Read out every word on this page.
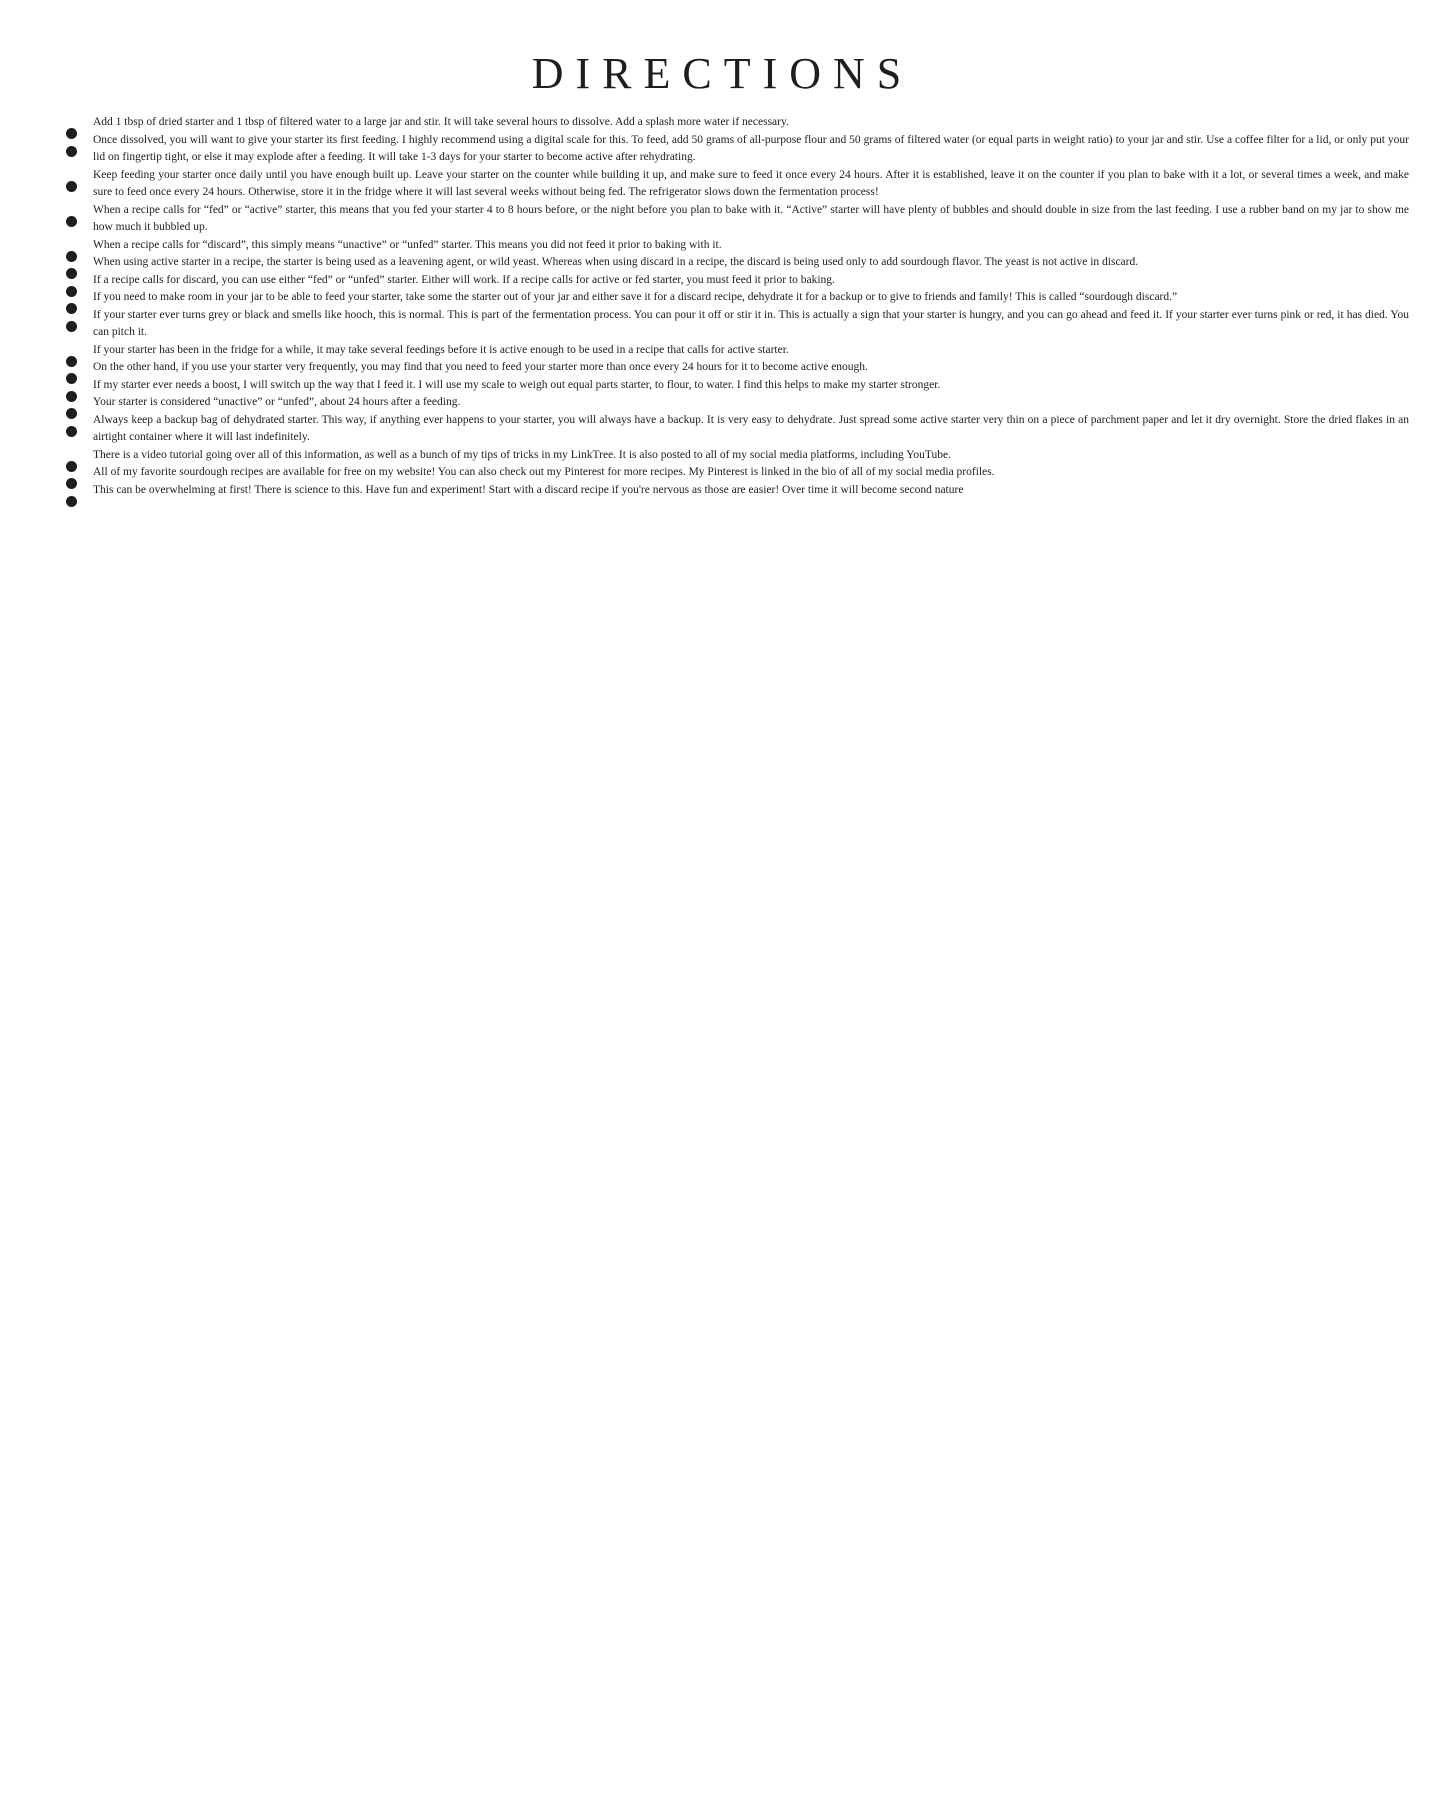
DIRECTIONS
Add 1 tbsp of dried starter and 1 tbsp of filtered water to a large jar and stir. It will take several hours to dissolve. Add a splash more water if necessary.
Once dissolved, you will want to give your starter its first feeding. I highly recommend using a digital scale for this. To feed, add 50 grams of all-purpose flour and 50 grams of filtered water (or equal parts in weight ratio) to your jar and stir. Use a coffee filter for a lid, or only put your lid on fingertip tight, or else it may explode after a feeding. It will take 1-3 days for your starter to become active after rehydrating.
Keep feeding your starter once daily until you have enough built up. Leave your starter on the counter while building it up, and make sure to feed it once every 24 hours. After it is established, leave it on the counter if you plan to bake with it a lot, or several times a week, and make sure to feed once every 24 hours. Otherwise, store it in the fridge where it will last several weeks without being fed. The refrigerator slows down the fermentation process!
When a recipe calls for “fed” or “active” starter, this means that you fed your starter 4 to 8 hours before, or the night before you plan to bake with it. “Active” starter will have plenty of bubbles and should double in size from the last feeding. I use a rubber band on my jar to show me how much it bubbled up.
When a recipe calls for “discard”, this simply means “unactive” or “unfed” starter. This means you did not feed it prior to baking with it.
When using active starter in a recipe, the starter is being used as a leavening agent, or wild yeast. Whereas when using discard in a recipe, the discard is being used only to add sourdough flavor. The yeast is not active in discard.
If a recipe calls for discard, you can use either “fed” or “unfed” starter. Either will work. If a recipe calls for active or fed starter, you must feed it prior to baking.
If you need to make room in your jar to be able to feed your starter, take some the starter out of your jar and either save it for a discard recipe, dehydrate it for a backup or to give to friends and family! This is called “sourdough discard.”
If your starter ever turns grey or black and smells like hooch, this is normal. This is part of the fermentation process. You can pour it off or stir it in. This is actually a sign that your starter is hungry, and you can go ahead and feed it. If your starter ever turns pink or red, it has died. You can pitch it.
If your starter has been in the fridge for a while, it may take several feedings before it is active enough to be used in a recipe that calls for active starter.
On the other hand, if you use your starter very frequently, you may find that you need to feed your starter more than once every 24 hours for it to become active enough.
If my starter ever needs a boost, I will switch up the way that I feed it. I will use my scale to weigh out equal parts starter, to flour, to water. I find this helps to make my starter stronger.
Your starter is considered “unactive” or “unfed”, about 24 hours after a feeding.
Always keep a backup bag of dehydrated starter. This way, if anything ever happens to your starter, you will always have a backup. It is very easy to dehydrate. Just spread some active starter very thin on a piece of parchment paper and let it dry overnight. Store the dried flakes in an airtight container where it will last indefinitely.
There is a video tutorial going over all of this information, as well as a bunch of my tips of tricks in my LinkTree. It is also posted to all of my social media platforms, including YouTube.
All of my favorite sourdough recipes are available for free on my website! You can also check out my Pinterest for more recipes. My Pinterest is linked in the bio of all of my social media profiles.
This can be overwhelming at first! There is science to this. Have fun and experiment! Start with a discard recipe if you're nervous as those are easier! Over time it will become second nature
